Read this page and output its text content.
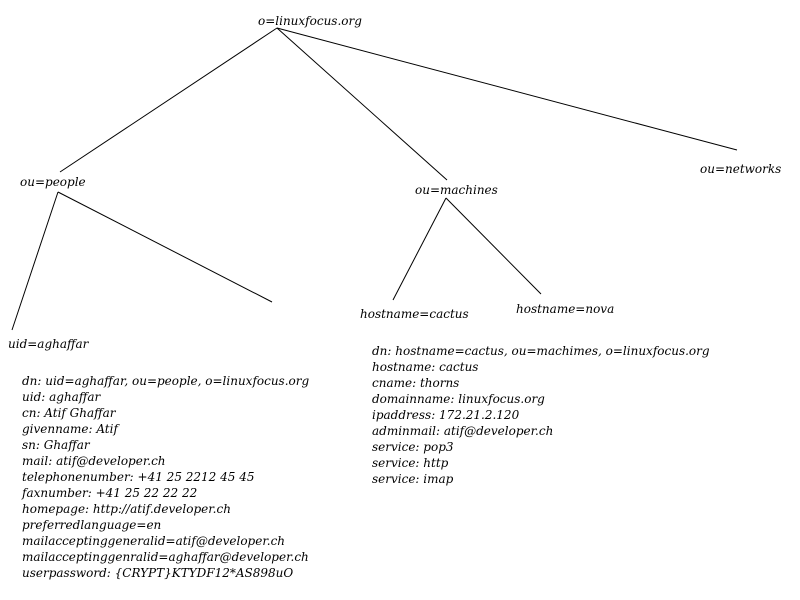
o=linuxfocus.org
ou=people
ou=machines
ou=networks
uid=aghaffar
hostname=cactus	hostname=nova
dn: uid=aghaffar, ou=people, o=linuxfocus.org
uid: aghaffar
cn: Atif Ghaffar
givenname: Atif
sn: Ghaffar
mail: atif@developer.ch
telephonenumber: +41 25 2212 45 45
faxnumber: +41 25 22 22 22
homepage: http://atif.developer.ch
preferredlanguage=en
mailacceptinggeneralid=atif@developer.ch
mailacceptinggenralid=aghaffar@developer.ch
userpassword: {CRYPT}KTYDF12*AS898uO
dn: hostname=cactus, ou=machimes, o=linuxfocus.org
hostname: cactus
cname: thorns
domainname: linuxfocus.org
ipaddress: 172.21.2.120
adminmail: atif@developer.ch
service: pop3
service: http
service: imap
